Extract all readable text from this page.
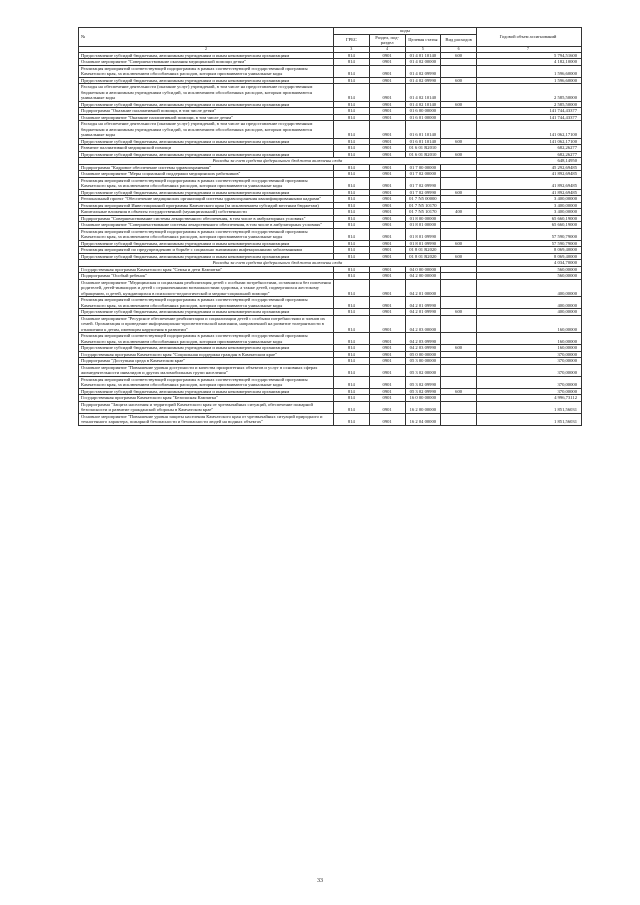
№	коды				Годовой объем ассигнований
	ГРБС	Раздел, под-раздел	Целевая статья	Вид расходов	
2	3	4	5	6	7
Предоставление субсидий бюджетным, автономным учреждениям и иным некоммерческим организациям	814	0901	01 4 01 10140	600	5 794,51600
Основное мероприятие "Совершенствование оказания медицинской помощи детям"	814	0901	01 4 02 00000		4 182,10000
Реализация мероприятий соответствующей подпрограммы в рамках соответствующей государственной программы Камчатского края, за исключением обособленных расходов, которым присваиваются уникальные коды	814	0901	01 4 02 09990		1 596,60000
Предоставление субсидий бюджетным, автономным учреждениям и иным некоммерческим организациям	814	0901	01 4 02 09990	600	1 596,60000
Расходы на обеспечение деятельности (оказание услуг) учреждений, в том числе на предоставление государственным бюджетным и автономным учреждениям субсидий, за исключением обособленных расходов, которым присваиваются уникальные коды	814	0901	01 4 02 10140		2 585,50000
Предоставление субсидий бюджетным, автономным учреждениям и иным некоммерческим организациям	814	0901	01 4 02 10140	600	2 585,50000
Подпрограмма "Оказание паллиативной помощи, в том числе детям"	814	0901	01 6 00 00000		141 744,43377
Основное мероприятие "Оказание паллиативной помощи, в том числе детям"	814	0901	01 6 01 00000		141 744,43377
Расходы на обеспечение деятельности (оказание услуг) учреждений, в том числе на предоставление государственным бюджетным и автономным учреждениям субсидий, за исключением обособленных расходов, которым присваиваются уникальные коды	814	0901	01 6 01 10140		141 062,17100
Предоставление субсидий бюджетным, автономным учреждениям и иным некоммерческим организациям	814	0901	01 6 01 10140	600	141 062,17100
Развитие паллиативной медицинской помощи	814	0901	01 6 01 R2010		682,26277
Предоставление субсидий бюджетным, автономным учреждениям и иным некоммерческим организациям	814	0901	01 6 01 R2010	600	682,26277
Расходы за счет средств федерального бюджета включены сюда					648,14950
Подпрограмма "Кадровое обеспечение системы здравоохранения"	814	0901	01 7 00 00000		45 292,69485
Основное мероприятие "Меры социальной поддержки медицинских работников"	814	0901	01 7 02 00000		41 892,69485
Реализация мероприятий соответствующей подпрограммы в рамках соответствующей государственной программы Камчатского края, за исключением обособленных расходов, которым присваиваются уникальные коды	814	0901	01 7 02 09990		41 892,69485
Предоставление субсидий бюджетным, автономным учреждениям и иным некоммерческим организациям	814	0901	01 7 02 09990	600	41 892,69485
Региональный проект "Обеспечение медицинских организаций системы здравоохранения квалифицированными кадрами"	814	0901	01 7 N5 00000		3 400,00000
Реализация мероприятий Инвестиционной программы Камчатского края (за исключением субсидий местным бюджетам)	814	0901	01 7 N5 10170		3 400,00000
Капитальные вложения в объекты государственной (муниципальной) собственности	814	0901	01 7 N5 10170	400	3 400,00000
Подпрограмма "Совершенствование системы лекарственного обеспечения, в том числе в амбулаторных условиях"	814	0901	01 8 00 00000		65 660,19000
Основное мероприятие "Совершенствование системы лекарственного обеспечения, в том числе в амбулаторных условиях"	814	0901	01 8 01 00000		65 660,19000
Реализация мероприятий соответствующей подпрограммы в рамках соответствующей государственной программы Камчатского края, за исключением обособленных расходов, которым присваиваются уникальные коды	814	0901	01 8 01 09990		57 590,79000
Предоставление субсидий бюджетным, автономным учреждениям и иным некоммерческим организациям	814	0901	01 8 01 09990	600	57 590,79000
Реализация мероприятий по предупреждению и борьбе с социально значимыми инфекционными заболеваниями	814	0901	01 8 01 R2020		8 069,40000
Предоставление субсидий бюджетным, автономным учреждениям и иным некоммерческим организациям	814	0901	01 8 01 R2020	600	8 069,40000
Расходы за счет средств федерального бюджета включены сюда					4 034,70000
Государственная программа Камчатского края "Семья и дети Камчатки"	814	0901	04 0 00 00000		560,00000
Подпрограмма "Особый ребенок"	814	0901	04 2 00 00000		560,00000
Основное мероприятие "Медицинская и социальная реабилитация детей с особыми потребностями, оставшихся без попечения родителей, детей-инвалидов и детей с ограниченными возможностями здоровья, а также детей, подвергшихся жестокому обращению, и детей, нуждающихся в психолого-педагогической и медико-социальной помощи"	814	0901	04 2 01 00000		400,00000
Реализация мероприятий соответствующей подпрограммы в рамках соответствующей государственной программы Камчатского края, за исключением обособленных расходов, которым присваиваются уникальные коды	814	0901	04 2 01 09990		400,00000
Предоставление субсидий бюджетным, автономным учреждениям и иным некоммерческим организациям	814	0901	04 2 01 09990	600	400,00000
Основное мероприятие "Ресурсное обеспечение реабилитации и социализации детей с особыми потребностями и членов их семей. Организация и проведение информационно-просветительской кампании, направленной на развитие толерантности в отношении к детям, имеющим нарушения в развитии"	814	0901	04 2 03 00000		160,00000
Реализация мероприятий соответствующей подпрограммы в рамках соответствующей государственной программы Камчатского края, за исключением обособленных расходов, которым присваиваются уникальные коды	814	0901	04 2 03 09990		160,00000
Предоставление субсидий бюджетным, автономным учреждениям и иным некоммерческим организациям	814	0901	04 2 03 09990	600	160,00000
Государственная программа Камчатского края "Социальная поддержка граждан в Камчатском крае"	814	0901	05 0 00 00000		370,00000
Подпрограмма "Доступная среда в Камчатском крае"	814	0901	05 3 00 00000		370,00000
Основное мероприятие "Повышение уровня доступности и качества приоритетных объектов и услуг в основных сферах жизнедеятельности инвалидов и других маломобильных групп населения"	814	0901	05 3 02 00000		370,00000
Реализация мероприятий соответствующей подпрограммы в рамках соответствующей государственной программы Камчатского края, за исключением обособленных расходов, которым присваиваются уникальные коды	814	0901	05 3 02 09990		370,00000
Предоставление субсидий бюджетным, автономным учреждениям и иным некоммерческим организациям	814	0901	05 3 02 09990	600	370,00000
Государственная программа Камчатского края "Безопасная Камчатка"	814	0901	16 0 00 00000		4 996,73112
Подпрограмма "Защита населения и территорий Камчатского края от чрезвычайных ситуаций, обеспечение пожарной безопасности и развитие гражданской обороны в Камчатском крае"	814	0901	16 2 00 00000		1 851,56031
Основное мероприятие "Повышение уровня защиты населения Камчатского края от чрезвычайных ситуаций природного и техногенного характера, пожарной безопасности и безопасности людей на водных объектах"	814	0901	16 2 04 00000		1 851,56031
33
